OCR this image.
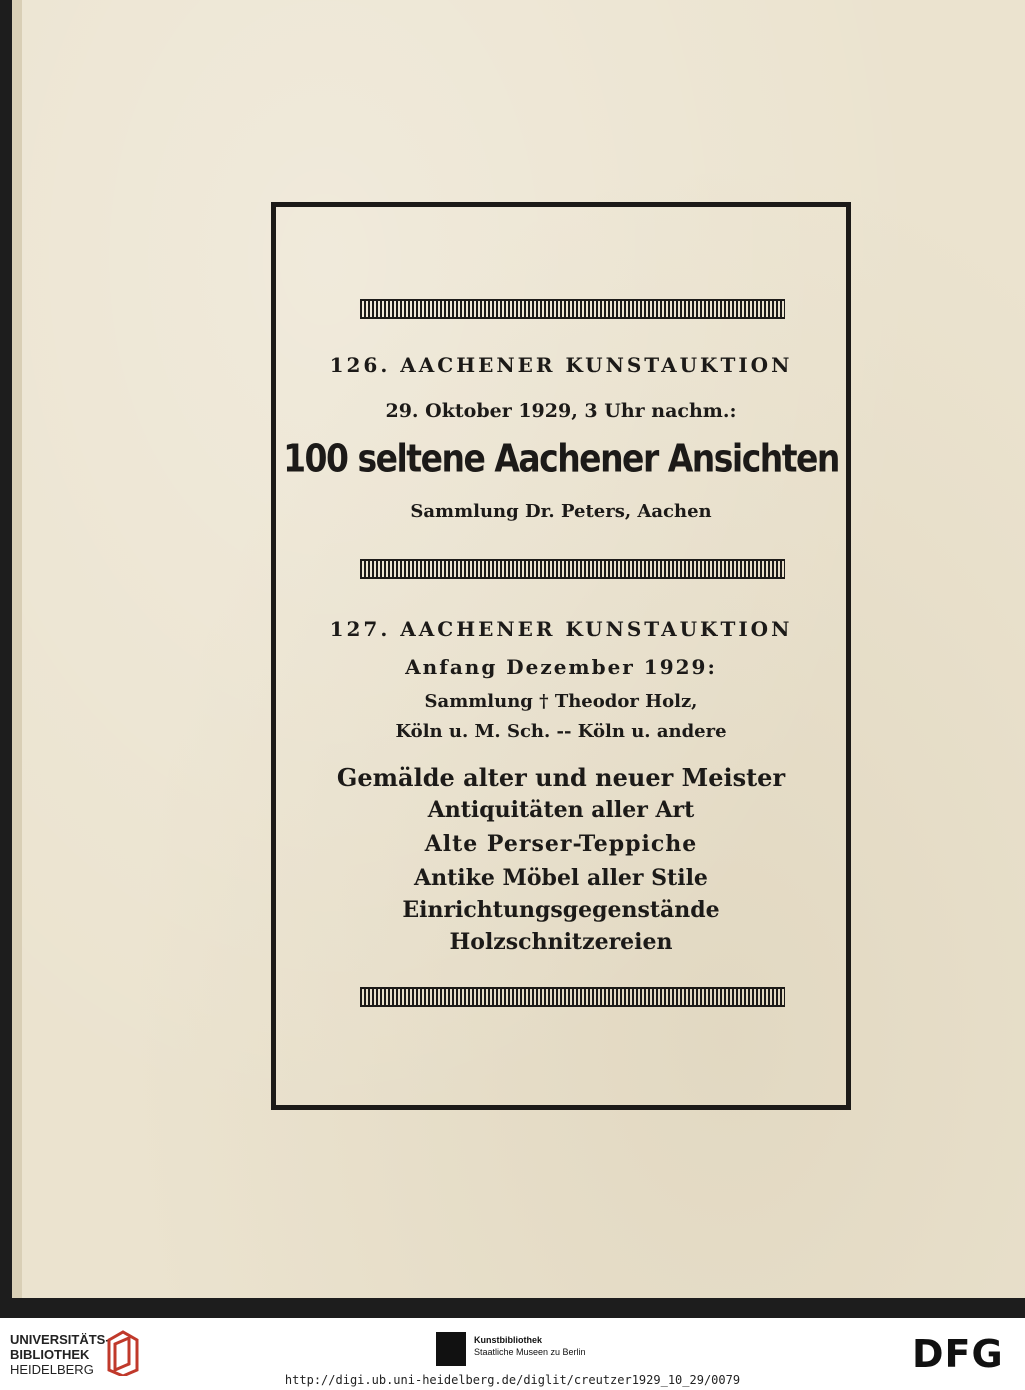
126. AACHENER KUNSTAUKTION
29. Oktober 1929, 3 Uhr nachm.:
100 seltene Aachener Ansichten
Sammlung Dr. Peters, Aachen
127. AACHENER KUNSTAUKTION
Anfang Dezember 1929:
Sammlung † Theodor Holz,
Köln u. M. Sch. -- Köln u. andere
Gemälde alter und neuer Meister
Antiquitäten aller Art
Alte Perser-Teppiche
Antike Möbel aller Stile
Einrichtungsgegenstände
Holzschnitzereien
UNIVERSITÄTS-
BIBLIOTHEK
HEIDELBERG
Kunstbibliothek
Staatliche Museen zu Berlin	DFG
http://digi.ub.uni-heidelberg.de/diglit/creutzer1929_10_29/0079
